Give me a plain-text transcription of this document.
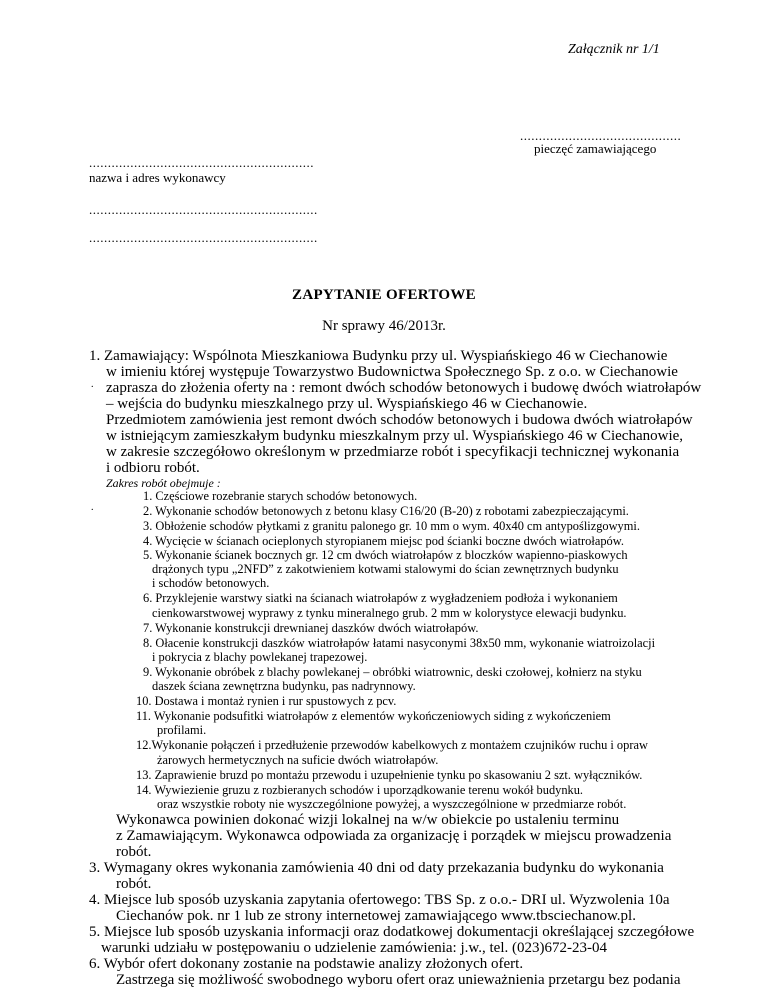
Załącznik nr 1/1
...........................................
pieczęć zamawiającego
............................................................
nazwa i adres wykonawcy
.............................................................
.............................................................
ZAPYTANIE OFERTOWE
Nr sprawy 46/2013r.
.
.
1. Zamawiający: Wspólnota Mieszkaniowa Budynku przy ul. Wyspiańskiego 46 w Ciechanowie
w imieniu której występuje Towarzystwo Budownictwa Społecznego Sp. z o.o. w Ciechanowie
zaprasza do złożenia oferty na : remont dwóch schodów betonowych i budowę dwóch wiatrołapów
– wejścia do budynku mieszkalnego przy ul. Wyspiańskiego 46 w Ciechanowie.
Przedmiotem zamówienia jest remont dwóch schodów betonowych i budowa dwóch wiatrołapów
w istniejącym zamieszkałym budynku mieszkalnym przy ul. Wyspiańskiego 46 w Ciechanowie,
w zakresie szczegółowo określonym w przedmiarze robót i specyfikacji technicznej wykonania
i odbioru robót.
Zakres robót obejmuje :
1. Częściowe rozebranie starych schodów betonowych.
2. Wykonanie schodów betonowych z betonu klasy C16/20 (B-20) z robotami zabezpieczającymi.
3. Obłożenie schodów płytkami z granitu palonego gr. 10 mm o wym. 40x40 cm antypoślizgowymi.
4. Wycięcie w ścianach ocieplonych styropianem miejsc pod ścianki boczne dwóch wiatrołapów.
5. Wykonanie ścianek bocznych gr. 12 cm dwóch wiatrołapów z bloczków wapienno-piaskowych
drążonych typu „2NFD” z zakotwieniem kotwami stalowymi do ścian zewnętrznych budynku
i schodów betonowych.
6. Przyklejenie warstwy siatki na ścianach wiatrołapów z wygładzeniem podłoża i wykonaniem
cienkowarstwowej wyprawy z tynku mineralnego grub. 2 mm w kolorystyce elewacji budynku.
7. Wykonanie konstrukcji drewnianej daszków dwóch wiatrołapów.
8. Ołacenie konstrukcji daszków wiatrołapów łatami nasyconymi 38x50 mm, wykonanie wiatroizolacji
i pokrycia z blachy powlekanej trapezowej.
9. Wykonanie obróbek z blachy powlekanej – obróbki wiatrownic, deski czołowej, kołnierz na styku
daszek ściana zewnętrzna budynku, pas nadrynnowy.
10. Dostawa i montaż rynien i rur spustowych z pcv.
11. Wykonanie podsufitki wiatrołapów z elementów wykończeniowych siding z wykończeniem
profilami.
12.Wykonanie połączeń i przedłużenie przewodów kabelkowych z montażem czujników ruchu i opraw
żarowych hermetycznych na suficie dwóch wiatrołapów.
13. Zaprawienie bruzd po montażu przewodu i uzupełnienie tynku po skasowaniu 2 szt. wyłączników.
14. Wywiezienie gruzu z rozbieranych schodów i uporządkowanie terenu wokół budynku.
oraz wszystkie roboty nie wyszczególnione powyżej, a wyszczególnione w przedmiarze robót.
Wykonawca powinien dokonać wizji lokalnej na w/w obiekcie po ustaleniu terminu
z Zamawiającym. Wykonawca odpowiada za organizację i porządek w miejscu prowadzenia
robót.
3. Wymagany okres wykonania zamówienia 40 dni od daty przekazania budynku do wykonania
robót.
4. Miejsce lub sposób uzyskania zapytania ofertowego: TBS Sp. z o.o.- DRI ul. Wyzwolenia 10a
Ciechanów pok. nr 1 lub ze strony internetowej zamawiającego www.tbsciechanow.pl.
5. Miejsce lub sposób uzyskania informacji oraz dodatkowej dokumentacji określającej szczegółowe
warunki udziału w postępowaniu o udzielenie zamówienia: j.w., tel. (023)672-23-04
6. Wybór ofert dokonany zostanie na podstawie analizy złożonych ofert.
Zastrzega się możliwość swobodnego wyboru ofert oraz unieważnienia przetargu bez podania
